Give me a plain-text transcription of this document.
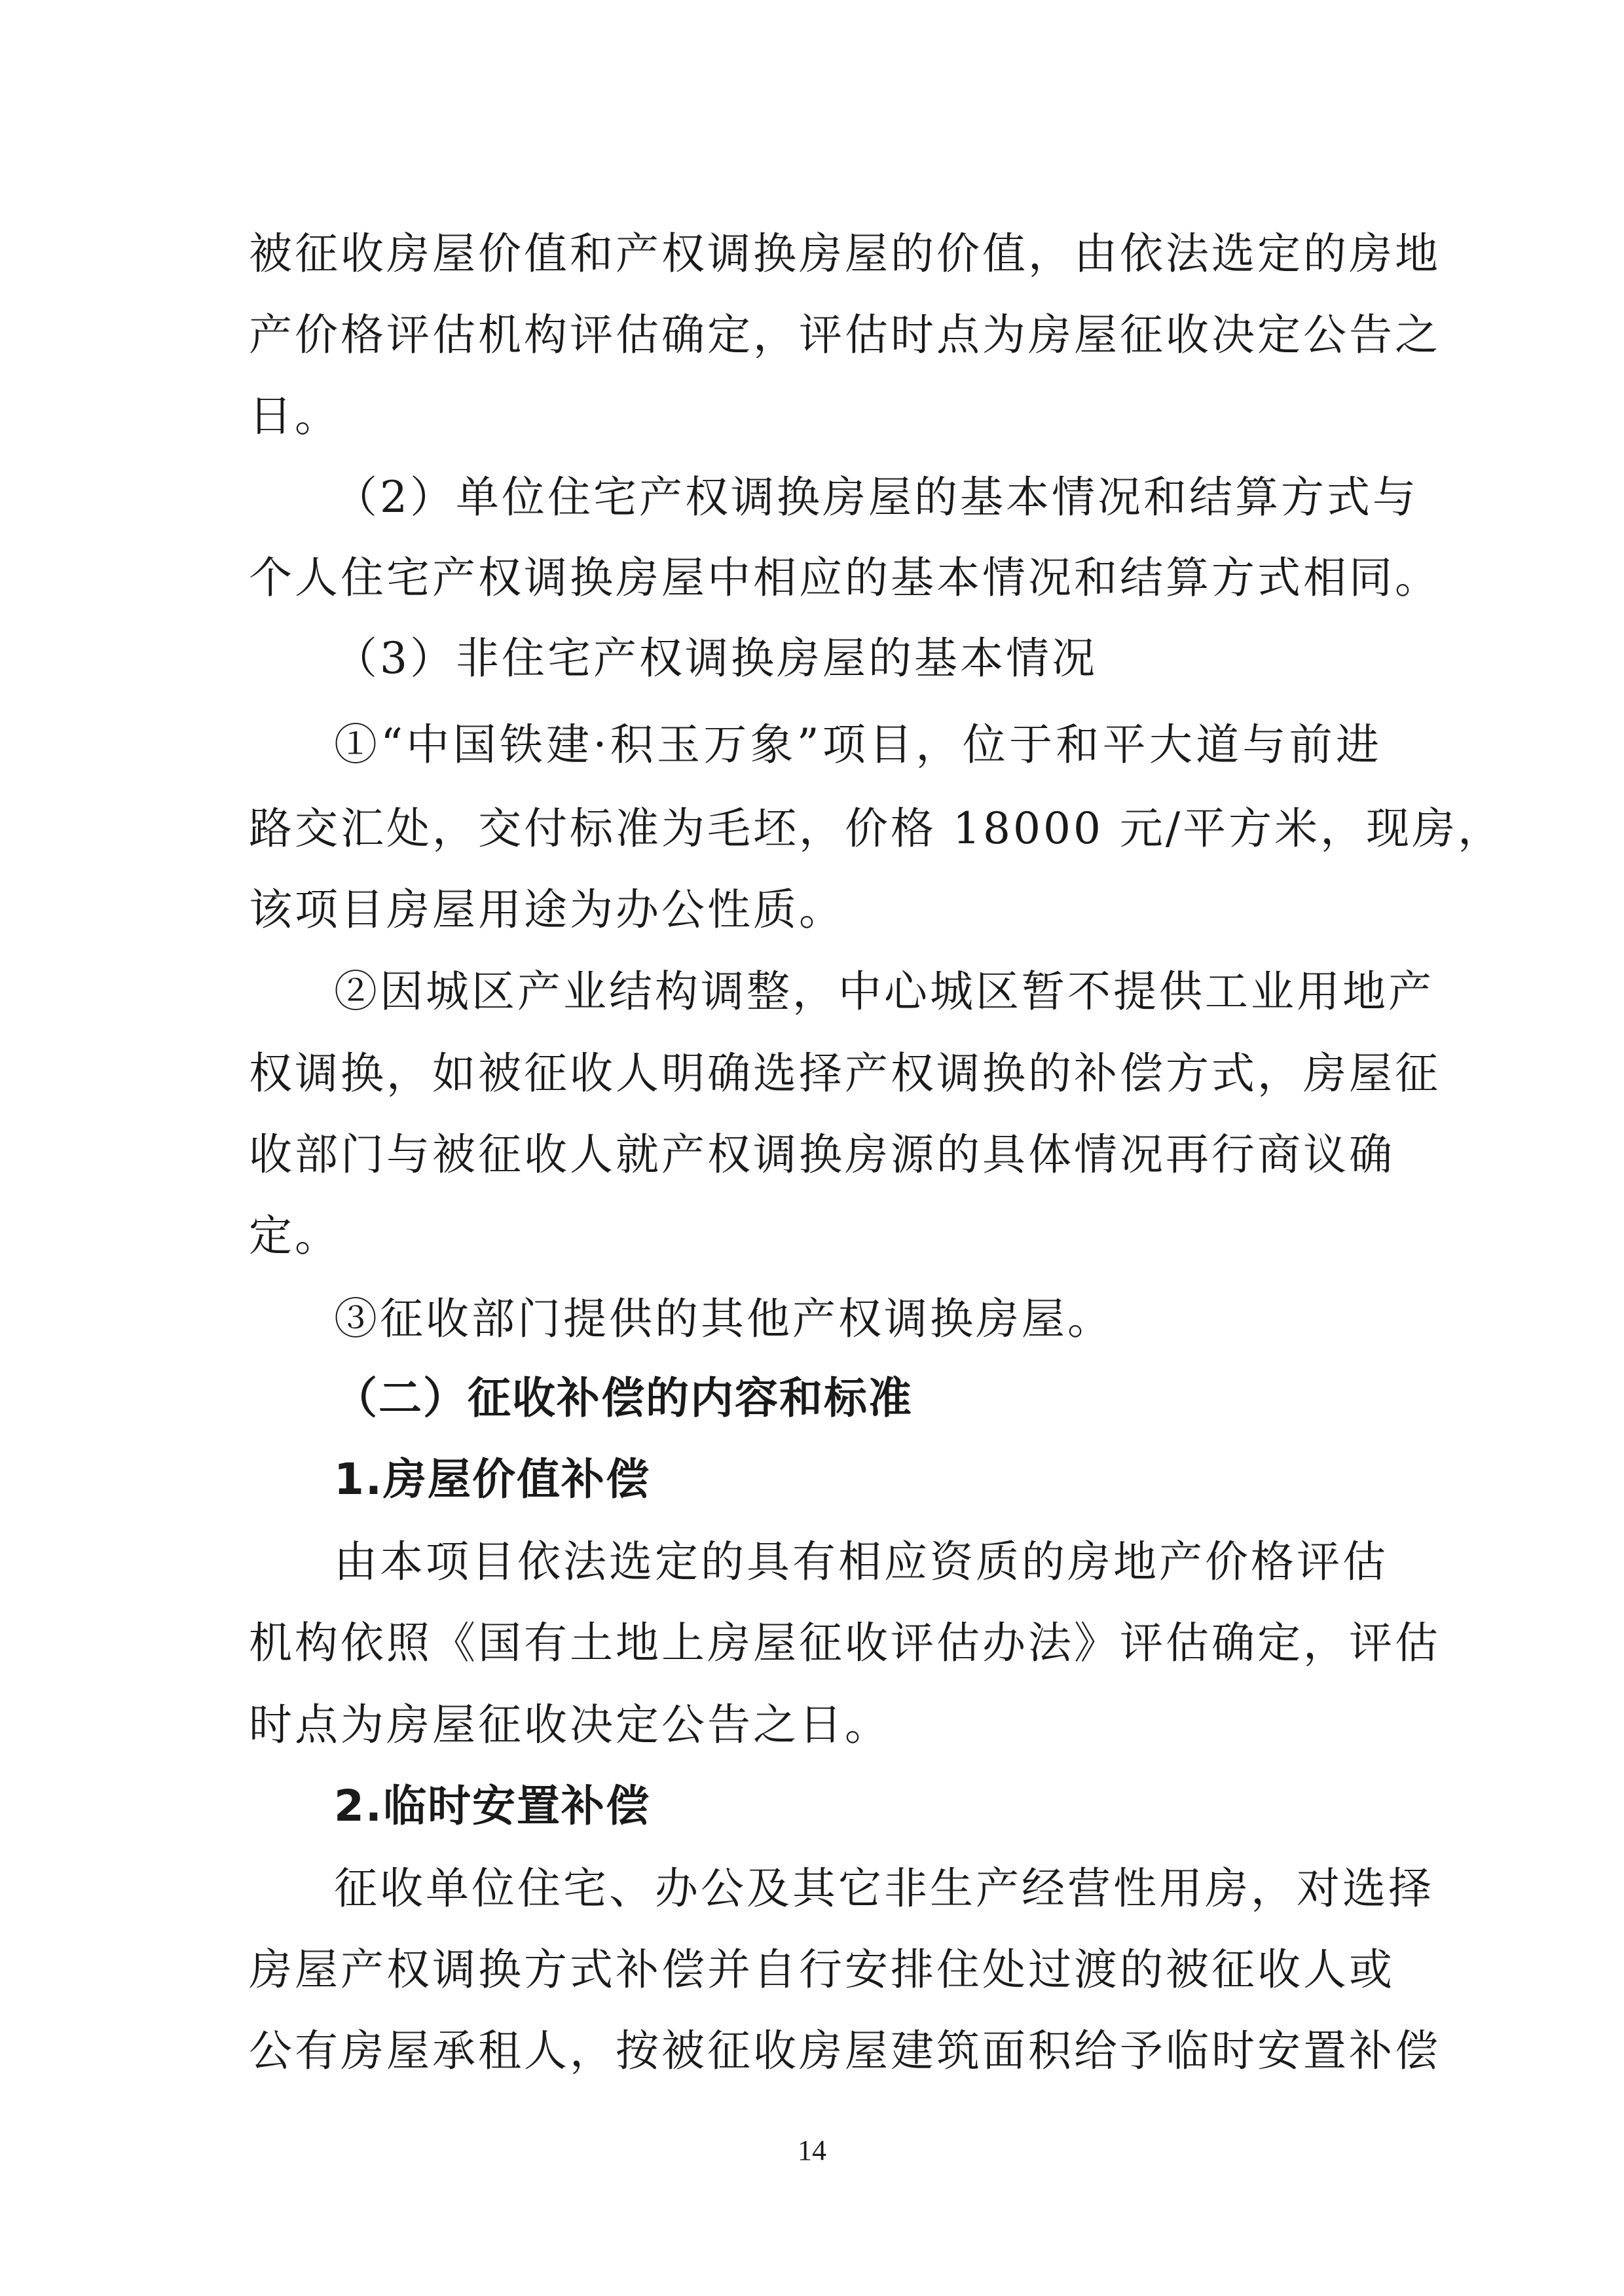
被征收房屋价值和产权调换房屋的价值，由依法选定的房地
产价格评估机构评估确定，评估时点为房屋征收决定公告之
日。
（2）单位住宅产权调换房屋的基本情况和结算方式与
个人住宅产权调换房屋中相应的基本情况和结算方式相同。
（3）非住宅产权调换房屋的基本情况
①“中国铁建·积玉万象”项目，位于和平大道与前进
路交汇处，交付标准为毛坯，价格 18000 元/平方米，现房，
该项目房屋用途为办公性质。
②因城区产业结构调整，中心城区暂不提供工业用地产
权调换，如被征收人明确选择产权调换的补偿方式，房屋征
收部门与被征收人就产权调换房源的具体情况再行商议确
定。
③征收部门提供的其他产权调换房屋。
（二）征收补偿的内容和标准
1.房屋价值补偿
由本项目依法选定的具有相应资质的房地产价格评估
机构依照《国有土地上房屋征收评估办法》评估确定，评估
时点为房屋征收决定公告之日。
2.临时安置补偿
征收单位住宅、办公及其它非生产经营性用房，对选择
房屋产权调换方式补偿并自行安排住处过渡的被征收人或
公有房屋承租人，按被征收房屋建筑面积给予临时安置补偿
14
